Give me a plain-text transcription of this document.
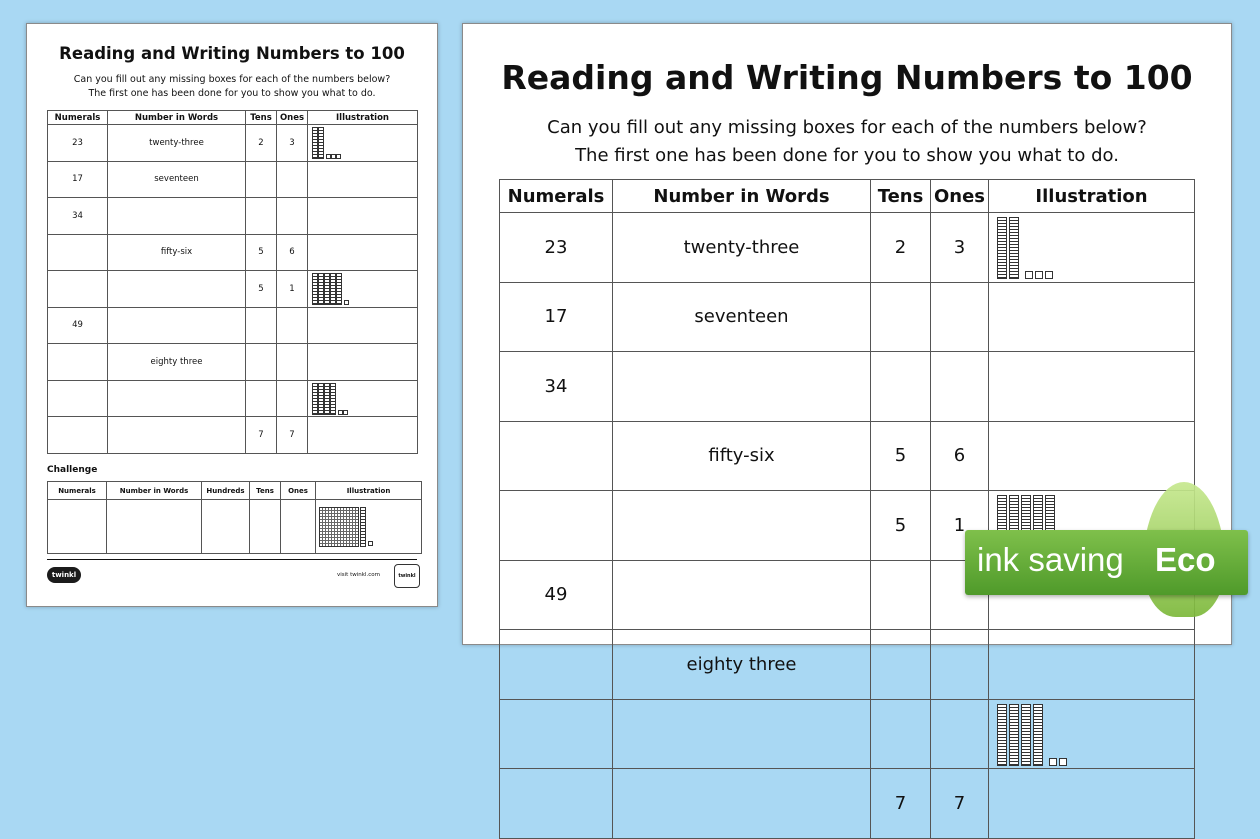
Reading and Writing Numbers to 100
Can you fill out any missing boxes for each of the numbers below?
The first one has been done for you to show you what to do.
Numerals	Number in Words	Tens	Ones	Illustration
23	twenty-three	2	3	

17	seventeen			
34				
	fifty-six	5	6	
		5	1	

49				
	eighty three			

		7	7	
Challenge
Numerals	Number in Words	Hundreds	Tens	Ones	Illustration

twinkl	visit twinkl.com	twinkl
Reading and Writing Numbers to 100
Can you fill out any missing boxes for each of the numbers below?
The first one has been done for you to show you what to do.
Numerals	Number in Words	Tens	Ones	Illustration
23	twenty-three	2	3	

17	seventeen			
34				
	fifty-six	5	6	
		5	1	

49				
	eighty three			

		7	7	
ink saving Eco
